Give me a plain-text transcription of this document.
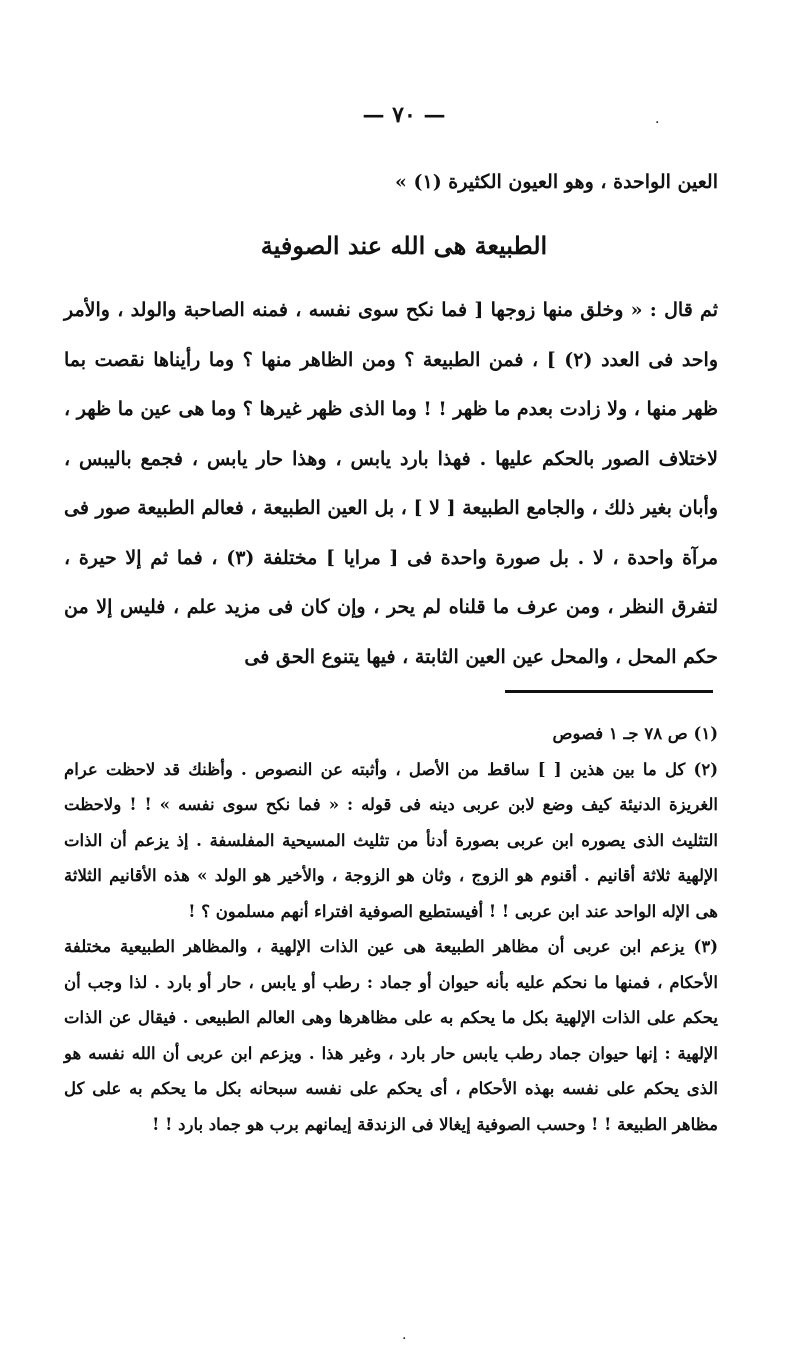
.
— ٧٠ —
العين الواحدة ، وهو العيون الكثيرة (١) »
الطبيعة هى الله عند الصوفية

ثم قال : « وخلق منها زوجها [ فما نكح سوى نفسه ، فمنه الصاحبة والولد ، والأمر واحد فى العدد (٢) ] ، فمن الطبيعة ؟ ومن الظاهر منها ؟ وما رأيناها نقصت بما ظهر منها ، ولا زادت بعدم ما ظهر ! ! وما الذى ظهر غيرها ؟ وما هى عين ما ظهر ، لاختلاف الصور بالحكم عليها . فهذا بارد يابس ، وهذا حار يابس ، فجمع باليبس ، وأبان بغير ذلك ، والجامع الطبيعة [ لا ] ، بل العين الطبيعة ، فعالم الطبيعة صور فى مرآة واحدة ، لا . بل صورة واحدة فى [ مرايا ] مختلفة (٣) ، فما ثم إلا حيرة ، لتفرق النظر ، ومن عرف ما قلناه لم يحر ، وإن كان فى مزيد علم ، فليس إلا من حكم المحل ، والمحل عين العين الثابتة ، فيها يتنوع الحق فى

(١) ص ٧٨ جـ ١ فصوص

(٢) كل ما بين هذين [ ] ساقط من الأصل ، وأثبته عن النصوص . وأظنك قد لاحظت عرام الغريزة الدنيئة كيف وضع لابن عربى دينه فى قوله : « فما نكح سوى نفسه » ! ! ولاحظت التثليث الذى يصوره ابن عربى بصورة أدنأ من تثليث المسيحية المفلسفة . إذ يزعم أن الذات الإلهية ثلاثة أقانيم . أقنوم هو الزوج ، وثان هو الزوجة ، والأخير هو الولد » هذه الأقانيم الثلاثة هى الإله الواحد عند ابن عربى ! ! أفيستطيع الصوفية افتراء أنهم مسلمون ؟ !

(٣) يزعم ابن عربى أن مظاهر الطبيعة هى عين الذات الإلهية ، والمظاهر الطبيعية مختلفة الأحكام ، فمنها ما نحكم عليه بأنه حيوان أو جماد : رطب أو يابس ، حار أو بارد . لذا وجب أن يحكم على الذات الإلهية بكل ما يحكم به على مظاهرها وهى العالم الطبيعى . فيقال عن الذات الإلهية : إنها حيوان جماد رطب يابس حار بارد ، وغير هذا . ويزعم ابن عربى أن الله نفسه هو الذى يحكم على نفسه بهذه الأحكام ، أى يحكم على نفسه سبحانه بكل ما يحكم به على كل مظاهر الطبيعة ! ! وحسب الصوفية إيغالا فى الزندقة إيمانهم برب هو جماد بارد ! !

.
